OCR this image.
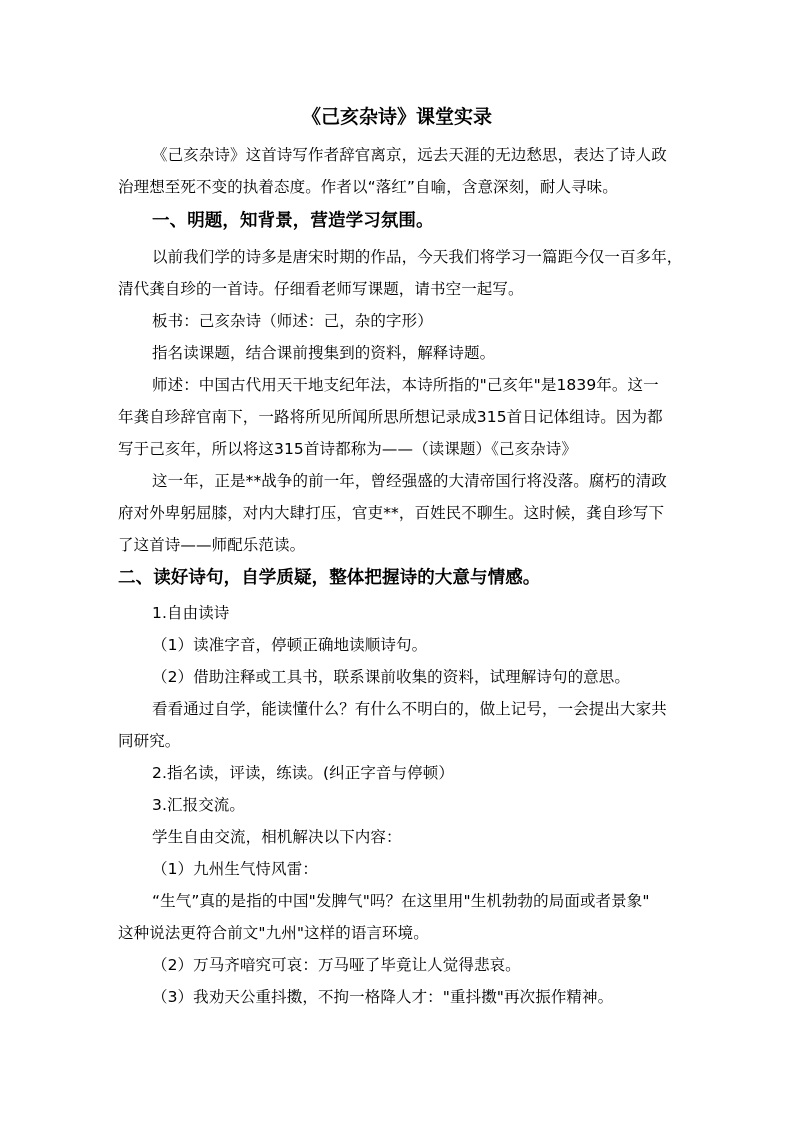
《己亥杂诗》课堂实录
《己亥杂诗》这首诗写作者辞官离京，远去天涯的无边愁思，表达了诗人政
治理想至死不变的执着态度。作者以“落红”自喻，含意深刻，耐人寻味。
一、明题，知背景，营造学习氛围。
以前我们学的诗多是唐宋时期的作品，今天我们将学习一篇距今仅一百多年，
清代龚自珍的一首诗。仔细看老师写课题，请书空一起写。
板书：己亥杂诗（师述：己，杂的字形）
指名读课题，结合课前搜集到的资料，解释诗题。
师述：中国古代用天干地支纪年法，本诗所指的"己亥年"是1839年。这一
年龚自珍辞官南下，一路将所见所闻所思所想记录成315首日记体组诗。因为都
写于己亥年，所以将这315首诗都称为——（读课题）《己亥杂诗》
这一年，正是**战争的前一年，曾经强盛的大清帝国行将没落。腐朽的清政
府对外卑躬屈膝，对内大肆打压，官吏**，百姓民不聊生。这时候，龚自珍写下
了这首诗——师配乐范读。
二、读好诗句，自学质疑，整体把握诗的大意与情感。
1.自由读诗
（1）读准字音，停顿正确地读顺诗句。
（2）借助注释或工具书，联系课前收集的资料，试理解诗句的意思。
看看通过自学，能读懂什么？有什么不明白的，做上记号，一会提出大家共
同研究。
2.指名读，评读，练读。(纠正字音与停顿）
3.汇报交流。
学生自由交流，相机解决以下内容：
（1）九州生气恃风雷：
“生气”真的是指的中国"发脾气"吗？在这里用"生机勃勃的局面或者景象"
这种说法更符合前文"九州"这样的语言环境。
（2）万马齐喑究可哀：万马哑了毕竟让人觉得悲哀。
（3）我劝天公重抖擞，不拘一格降人才："重抖擞"再次振作精神。
